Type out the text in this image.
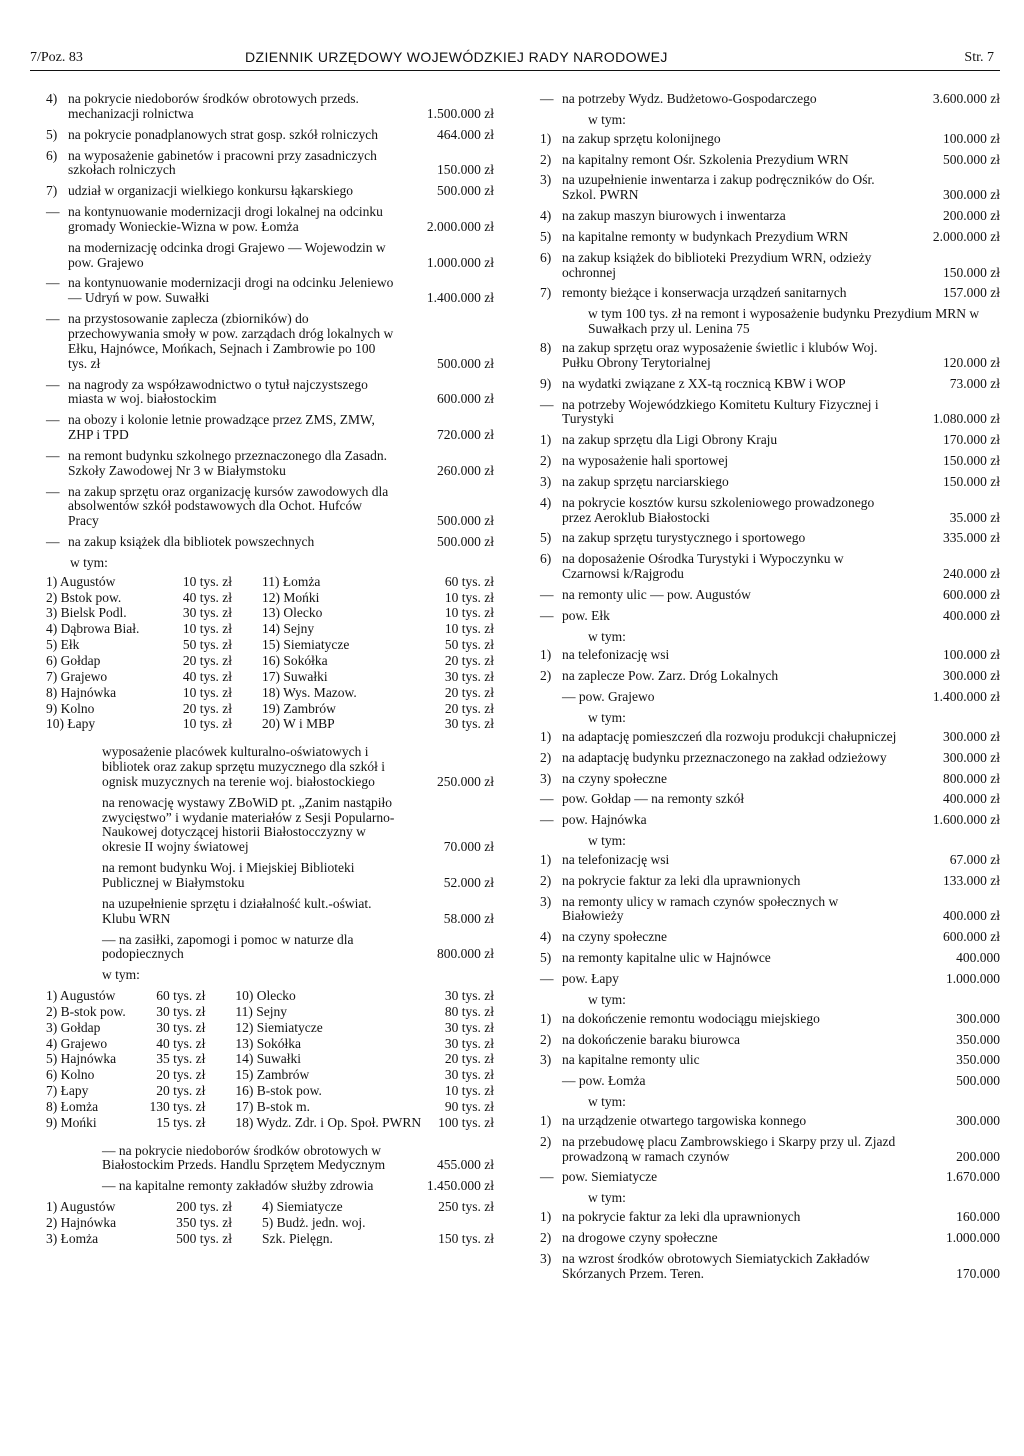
7/Poz. 83	DZIENNIK URZĘDOWY WOJEWÓDZKIEJ RADY NARODOWEJ	Str. 7
4) na pokrycie niedoborów środków obrotowych przeds. mechanizacji rolnictwa	1.500.000 zł
5) na pokrycie ponadplanowych strat gosp. szkół rolniczych	464.000 zł
6) na wyposażenie gabinetów i pracowni przy zasadniczych szkołach rolniczych	150.000 zł
7) udział w organizacji wielkiego konkursu łąkarskiego	500.000 zł
— na kontynuowanie modernizacji drogi lokalnej na odcinku gromady Wonieckie-Wizna w pow. Łomża	2.000.000 zł
na modernizację odcinka drogi Grajewo — Wojewodzin w pow. Grajewo	1.000.000 zł
— na kontynuowanie modernizacji drogi na odcinku Jeleniewo — Udryń w pow. Suwałki	1.400.000 zł
— na przystosowanie zaplecza (zbiorników) do przechowywania smoły w pow. zarządach dróg lokalnych w Ełku, Hajnówce, Mońkach, Sejnach i Zambrowie po 100 tys. zł	500.000 zł
— na nagrody za współzawodnictwo o tytuł najczystszego miasta w woj. białostockim	600.000 zł
— na obozy i kolonie letnie prowadzące przez ZMS, ZMW, ZHP i TPD	720.000 zł
— na remont budynku szkolnego przeznaczonego dla Zasadn. Szkoły Zawodowej Nr 3 w Białymstoku	260.000 zł
— na zakup sprzętu oraz organizację kursów zawodowych dla absolwentów szkół podstawowych dla Ochot. Hufców Pracy	500.000 zł
— na zakup książek dla bibliotek powszechnych	500.000 zł
w tym:
1) Augustów	10 tys. zł	11) Łomża	60 tys. zł
2) Bstok pow.	40 tys. zł	12) Mońki	10 tys. zł
3) Bielsk Podl.	30 tys. zł	13) Olecko	10 tys. zł
4) Dąbrowa Biał.	10 tys. zł	14) Sejny	10 tys. zł
5) Ełk	50 tys. zł	15) Siemiatycze	50 tys. zł
6) Gołdap	20 tys. zł	16) Sokółka	20 tys. zł
7) Grajewo	40 tys. zł	17) Suwałki	30 tys. zł
8) Hajnówka	10 tys. zł	18) Wys. Mazow.	20 tys. zł
9) Kolno	20 tys. zł	19) Zambrów	20 tys. zł
10) Łapy	10 tys. zł	20) W i MBP	30 tys. zł
wyposażenie placówek kulturalno-oświatowych i bibliotek oraz zakup sprzętu muzycznego dla szkół i ognisk muzycznych na terenie woj. białostockiego	250.000 zł
na renowację wystawy ZBoWiD pt. „Zanim nastąpiło zwycięstwo” i wydanie materiałów z Sesji Popularno-Naukowej dotyczącej historii Białostocczyzny w okresie II wojny światowej	70.000 zł
na remont budynku Woj. i Miejskiej Biblioteki Publicznej w Białymstoku	52.000 zł
na uzupełnienie sprzętu i działalność kult.-oświat. Klubu WRN	58.000 zł
— na zasiłki, zapomogi i pomoc w naturze dla podopiecznych	800.000 zł
w tym:
1) Augustów	60 tys. zł	10) Olecko	30 tys. zł
2) B-stok pow.	30 tys. zł	11) Sejny	80 tys. zł
3) Gołdap	30 tys. zł	12) Siemiatycze	30 tys. zł
4) Grajewo	40 tys. zł	13) Sokółka	30 tys. zł
5) Hajnówka	35 tys. zł	14) Suwałki	20 tys. zł
6) Kolno	20 tys. zł	15) Zambrów	30 tys. zł
7) Łapy	20 tys. zł	16) B-stok pow.	10 tys. zł
8) Łomża	130 tys. zł	17) B-stok m.	90 tys. zł
9) Mońki	15 tys. zł	18) Wydz. Zdr. i Op. Społ. PWRN	100 tys. zł
— na pokrycie niedoborów środków obrotowych w Białostockim Przeds. Handlu Sprzętem Medycznym	455.000 zł
— na kapitalne remonty zakładów służby zdrowia	1.450.000 zł
1) Augustów	200 tys. zł	4) Siemiatycze	250 tys. zł
2) Hajnówka	350 tys. zł	5) Budż. jedn. woj.	
3) Łomża	500 tys. zł	Szk. Pielęgn.	150 tys. zł
— na potrzeby Wydz. Budżetowo-Gospodarczego	3.600.000 zł
w tym:
1) na zakup sprzętu kolonijnego	100.000 zł
2) na kapitalny remont Ośr. Szkolenia Prezydium WRN	500.000 zł
3) na uzupełnienie inwentarza i zakup podręczników do Ośr. Szkol. PWRN	300.000 zł
4) na zakup maszyn biurowych i inwentarza	200.000 zł
5) na kapitalne remonty w budynkach Prezydium WRN	2.000.000 zł
6) na zakup książek do biblioteki Prezydium WRN, odzieży ochronnej	150.000 zł
7) remonty bieżące i konserwacja urządzeń sanitarnych	157.000 zł
w tym 100 tys. zł na remont i wyposażenie budynku Prezydium MRN w Suwałkach przy ul. Lenina 75
8) na zakup sprzętu oraz wyposażenie świetlic i klubów Woj. Pułku Obrony Terytorialnej	120.000 zł
9) na wydatki związane z XX-tą rocznicą KBW i WOP	73.000 zł
— na potrzeby Wojewódzkiego Komitetu Kultury Fizycznej i Turystyki	1.080.000 zł
1) na zakup sprzętu dla Ligi Obrony Kraju	170.000 zł
2) na wyposażenie hali sportowej	150.000 zł
3) na zakup sprzętu narciarskiego	150.000 zł
4) na pokrycie kosztów kursu szkoleniowego prowadzonego przez Aeroklub Białostocki	35.000 zł
5) na zakup sprzętu turystycznego i sportowego	335.000 zł
6) na doposażenie Ośrodka Turystyki i Wypoczynku w Czarnowsi k/Rajgrodu	240.000 zł
— na remonty ulic — pow. Augustów	600.000 zł
— pow. Ełk	400.000 zł
w tym:
1) na telefonizację wsi	100.000 zł
2) na zaplecze Pow. Zarz. Dróg Lokalnych	300.000 zł
— pow. Grajewo	1.400.000 zł
w tym:
1) na adaptację pomieszczeń dla rozwoju produkcji chałupniczej	300.000 zł
2) na adaptację budynku przeznaczonego na zakład odzieżowy	300.000 zł
3) na czyny społeczne	800.000 zł
— pow. Gołdap — na remonty szkół	400.000 zł
— pow. Hajnówka	1.600.000 zł
w tym:
1) na telefonizację wsi	67.000 zł
2) na pokrycie faktur za leki dla uprawnionych	133.000 zł
3) na remonty ulicy w ramach czynów społecznych w Białowieży	400.000 zł
4) na czyny społeczne	600.000 zł
5) na remonty kapitalne ulic w Hajnówce	400.000
— pow. Łapy	1.000.000
w tym:
1) na dokończenie remontu wodociągu miejskiego	300.000
2) na dokończenie baraku biurowca	350.000
3) na kapitalne remonty ulic	350.000
— pow. Łomża	500.000
w tym:
1) na urządzenie otwartego targowiska konnego	300.000
2) na przebudowę placu Zambrowskiego i Skarpy przy ul. Zjazd prowadzoną w ramach czynów	200.000
— pow. Siemiatycze	1.670.000
w tym:
1) na pokrycie faktur za leki dla uprawnionych	160.000
2) na drogowe czyny społeczne	1.000.000
3) na wzrost środków obrotowych Siemiatyckich Zakładów Skórzanych Przem. Teren.	170.000
